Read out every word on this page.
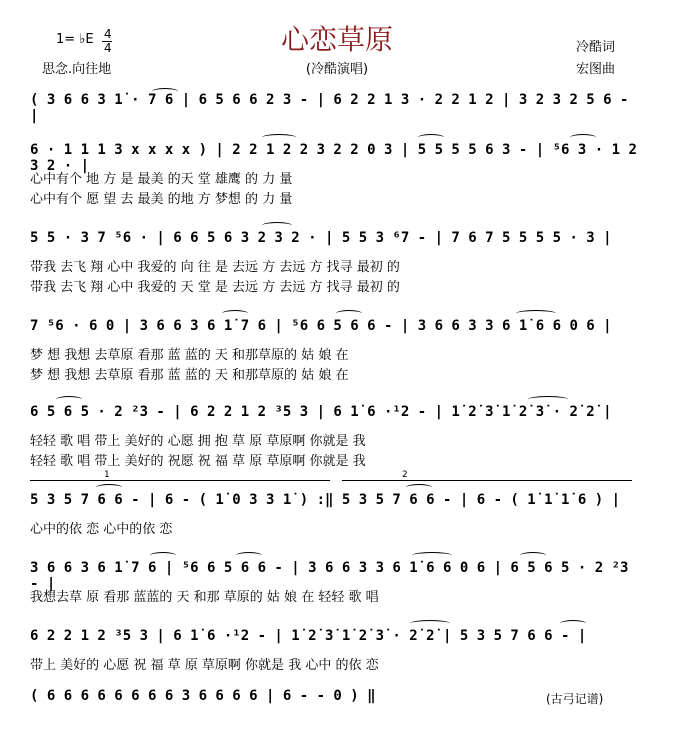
1= ♭E 4
4	心恋草原
(冷酷演唱)
冷酷词
宏图曲
思念.向往地
( 3 6 6 3 1̇ · 7 6 | 6 5 6 6 2 3 - | 6 2 2 1 3 · 2 2 1 2 | 3 2 3 2 5 6 - |
6 · 1 1 1 3 x x x x ) | 2 2 1 2 2 3 2 2 0 3 | 5 5 5 5 6 3 - | ⁵6 3 · 1 2 3 2 · |
心中有个 地 方 是 最美 的天 堂 雄鹰 的 力 量
心中有个 愿 望 去 最美 的地 方 梦想 的 力 量
5 5 · 3 7 ⁵6 · | 6 6 5 6 3 2 3 2 · | 5 5 3 ⁶7 - | 7 6 7 5 5 5 5 · 3 |
带我 去飞 翔 心中 我爱的 向 往 是 去远 方 去远 方 找寻 最初 的
带我 去飞 翔 心中 我爱的 天 堂 是 去远 方 去远 方 找寻 最初 的
7 ⁵6 · 6 0 | 3 6 6 3 6 1̇ 7 6 | ⁵6 6 5 6 6 - | 3 6 6 3 3 6 1̇ 6 6 0 6 |
梦 想 我想 去草原 看那 蓝 蓝的 天 和那草原的 姑 娘 在
梦 想 我想 去草原 看那 蓝 蓝的 天 和那草原的 姑 娘 在
6 5 6 5 · 2 ²3 - | 6 2 2 1 2 ³5 3 | 6 1̇ 6 ·¹2 - | 1̇ 2̇ 3̇ 1̇ 2̇ 3̇ · 2̇ 2̇ |
轻轻 歌 唱 带上 美好的 心愿 拥 抱 草 原 草原啊 你就是 我
轻轻 歌 唱 带上 美好的 祝愿 祝 福 草 原 草原啊 你就是 我
1	2
5 3 5 7 6 6 - | 6 - ( 1̇ 0 3 3 1̇ ) :‖ 5 3 5 7 6 6 - | 6 - ( 1̇ 1̇ 1̇ 6 ) |
心中的依 恋 心中的依 恋
3 6 6 3 6 1̇ 7 6 | ⁵6 6 5 6 6 - | 3 6 6 3 3 6 1̇ 6 6 0 6 | 6 5 6 5 · 2 ²3 - |
我想去草 原 看那 蓝蓝的 天 和那 草原的 姑 娘 在 轻轻 歌 唱
6 2 2 1 2 ³5 3 | 6 1̇ 6 ·¹2 - | 1̇ 2̇ 3̇ 1̇ 2̇ 3̇ · 2̇ 2̇ | 5 3 5 7 6 6 - |
带上 美好的 心愿 祝 福 草 原 草原啊 你就是 我 心中 的依 恋
( 6 6 6 6 6 6 6 6 3 6 6 6 6 | 6 - - 0 ) ‖	(古弓记谱)
